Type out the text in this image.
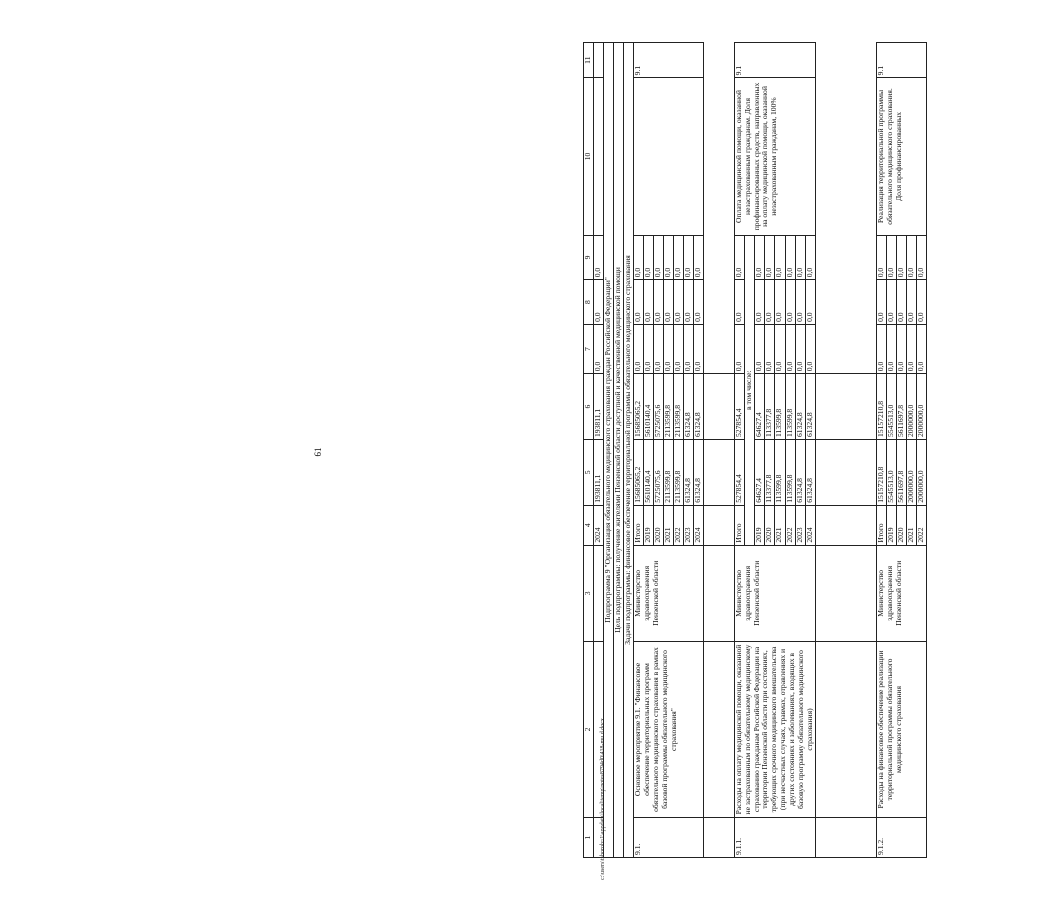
61
c:\users\tsboroh~1\appdata\local\temp\notes8794d0\418-mu.d.docx
1	2	3	4	5	6	7	8	9	10	11
			2024	193811,1	193811,1	0,0	0,0	0,0		
Подпрограмма 9 "Организация обязательного медицинского страхования граждан Российской Федерации"										
Цель подпрограммы: получение жителями Пензенской области доступной и качественной медицинской помощи										
Задачи подпрограммы: финансовое обеспечение территориальной программы обязательного медицинского страхования										
9.1.	Основное мероприятие 9.1. "Финансовое обеспечение территориальных программ обязательного медицинского страхования в рамках базовой программы обязательного медицинского страхования"	Министерство здравоохранения Пензенской области	Итого	15685065,2	15685065,2	0,0	0,0	0,0		9.1
			2019	5610140,4	5610140,4	0,0	0,0	0,0		
			2020	5725075,6	5725075,6	0,0	0,0	0,0		
			2021	2113599,8	2113599,8	0,0	0,0	0,0		
			2022	2113599,8	2113599,8	0,0	0,0	0,0		
			2023	61324,8	61324,8	0,0	0,0	0,0		
			2024	61324,8	61324,8	0,0	0,0	0,0		

9.1.1.	Расходы на оплату медицинской помощи, оказанной не застрахованным по обязательному медицинскому страхованию гражданам Российской Федерации на территории Пензенской области при состояниях, требующих срочного медицинского вмешательства (при несчастных случаях, травмах, отравлениях и других состояниях и заболеваниях, входящих в базовую программу обязательного медицинского страхования)	Министерство здравоохранения Пензенской области	Итого	527854,4	527854,4	0,0	0,0	0,0	Оплата медицинской помощи, оказанной незастрахованным гражданам. Доля профинансированных средств, направленных на оплату медицинской помощи, оказанной незастрахованным гражданам, 100%	9.1
			в том числе:							
			2019	64627,4	64627,4	0,0	0,0	0,0		
			2020	113377,8	113377,8	0,0	0,0	0,0		
			2021	113599,8	113599,8	0,0	0,0	0,0		
			2022	113599,8	113599,8	0,0	0,0	0,0		
			2023	61324,8	61324,8	0,0	0,0	0,0		
			2024	61324,8	61324,8	0,0	0,0	0,0		

9.1.2.	Расходы на финансовое обеспечение реализации территориальной программы обязательного медицинского страхования	Министерство здравоохранения Пензенской области	Итого	15157210,8	15157210,8	0,0	0,0	0,0	Реализация территориальной программы обязательного медицинского страхования. Доля профинансированных	9.1
			2019	5545513,0	5545513,0	0,0	0,0	0,0		
			2020	5611697,8	5611697,8	0,0	0,0	0,0		
			2021	2000000,0	2000000,0	0,0	0,0	0,0		
			2022	2000000,0	2000000,0	0,0	0,0	0,0		
